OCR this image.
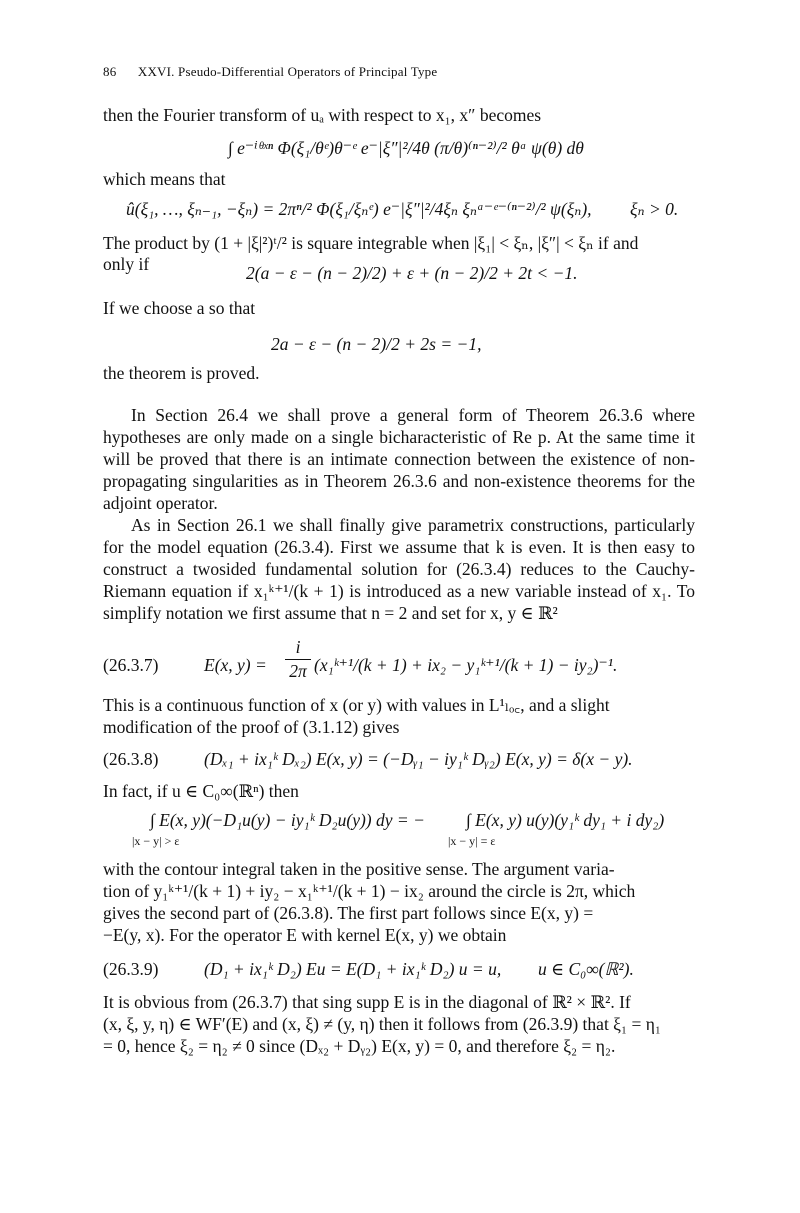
86 XXVI. Pseudo-Differential Operators of Principal Type
then the Fourier transform of uₐ with respect to x₁, x″ becomes
∫ e⁻ⁱᶿˣⁿ Φ(ξ₁/θᵉ)θ⁻ᵉ e⁻|ξ″|²/4θ (π/θ)⁽ⁿ⁻²⁾/² θᵃ ψ(θ) dθ
which means that
û(ξ₁, …, ξₙ₋₁, −ξₙ) = 2πⁿ/² Φ(ξ₁/ξₙᵉ) e⁻|ξ″|²/4ξₙ ξₙᵃ⁻ᵉ⁻⁽ⁿ⁻²⁾/² ψ(ξₙ), ξₙ > 0.
The product by (1 + |ξ|²)ᵗ/² is square integrable when |ξ₁| < ξₙ, |ξ″| < ξₙ if and
only if	2(a − ε − (n − 2)/2) + ε + (n − 2)/2 + 2t < −1.
If we choose a so that
2a − ε − (n − 2)/2 + 2s = −1,
the theorem is proved.

In Section 26.4 we shall prove a general form of Theorem 26.3.6 where hypotheses are only made on a single bicharacteristic of Re p. At the same time it will be proved that there is an intimate connection between the existence of non-propagating singularities as in Theorem 26.3.6 and non-existence theorems for the adjoint operator.

As in Section 26.1 we shall finally give parametrix constructions, particularly for the model equation (26.3.4). First we assume that k is even. It is then easy to construct a twosided fundamental solution for (26.3.4) reduces to the Cauchy-Riemann equation if x₁ᵏ⁺¹/(k + 1) is introduced as a new variable instead of x₁. To simplify notation we first assume that n = 2 and set for x, y ∈ ℝ²

(26.3.7)	E(x, y) =
i
2π (x₁ᵏ⁺¹/(k + 1) + ix₂ − y₁ᵏ⁺¹/(k + 1) − iy₂)⁻¹.
This is a continuous function of x (or y) with values in L¹ₗₒ꜀, and a slight
modification of the proof of (3.1.12) gives
(26.3.8)	(Dₓ₁ + ix₁ᵏ Dₓ₂) E(x, y) = (−Dᵧ₁ − iy₁ᵏ Dᵧ₂) E(x, y) = δ(x − y).
In fact, if u ∈ C₀∞(ℝⁿ) then
∫ E(x, y)(−D₁u(y) − iy₁ᵏ D₂u(y)) dy = −
|x − y| > ε
∫ E(x, y) u(y)(y₁ᵏ dy₁ + i dy₂)
|x − y| = ε
with the contour integral taken in the positive sense. The argument varia-
tion of y₁ᵏ⁺¹/(k + 1) + iy₂ − x₁ᵏ⁺¹/(k + 1) − ix₂ around the circle is 2π, which
gives the second part of (26.3.8). The first part follows since E(x, y) =
−E(y, x). For the operator E with kernel E(x, y) we obtain
(26.3.9)	(D₁ + ix₁ᵏ D₂) Eu = E(D₁ + ix₁ᵏ D₂) u = u, u ∈ C₀∞(ℝ²).
It is obvious from (26.3.7) that sing supp E is in the diagonal of ℝ² × ℝ². If
(x, ξ, y, η) ∈ WF′(E) and (x, ξ) ≠ (y, η) then it follows from (26.3.9) that ξ₁ = η₁
= 0, hence ξ₂ = η₂ ≠ 0 since (Dₓ₂ + Dᵧ₂) E(x, y) = 0, and therefore ξ₂ = η₂.
